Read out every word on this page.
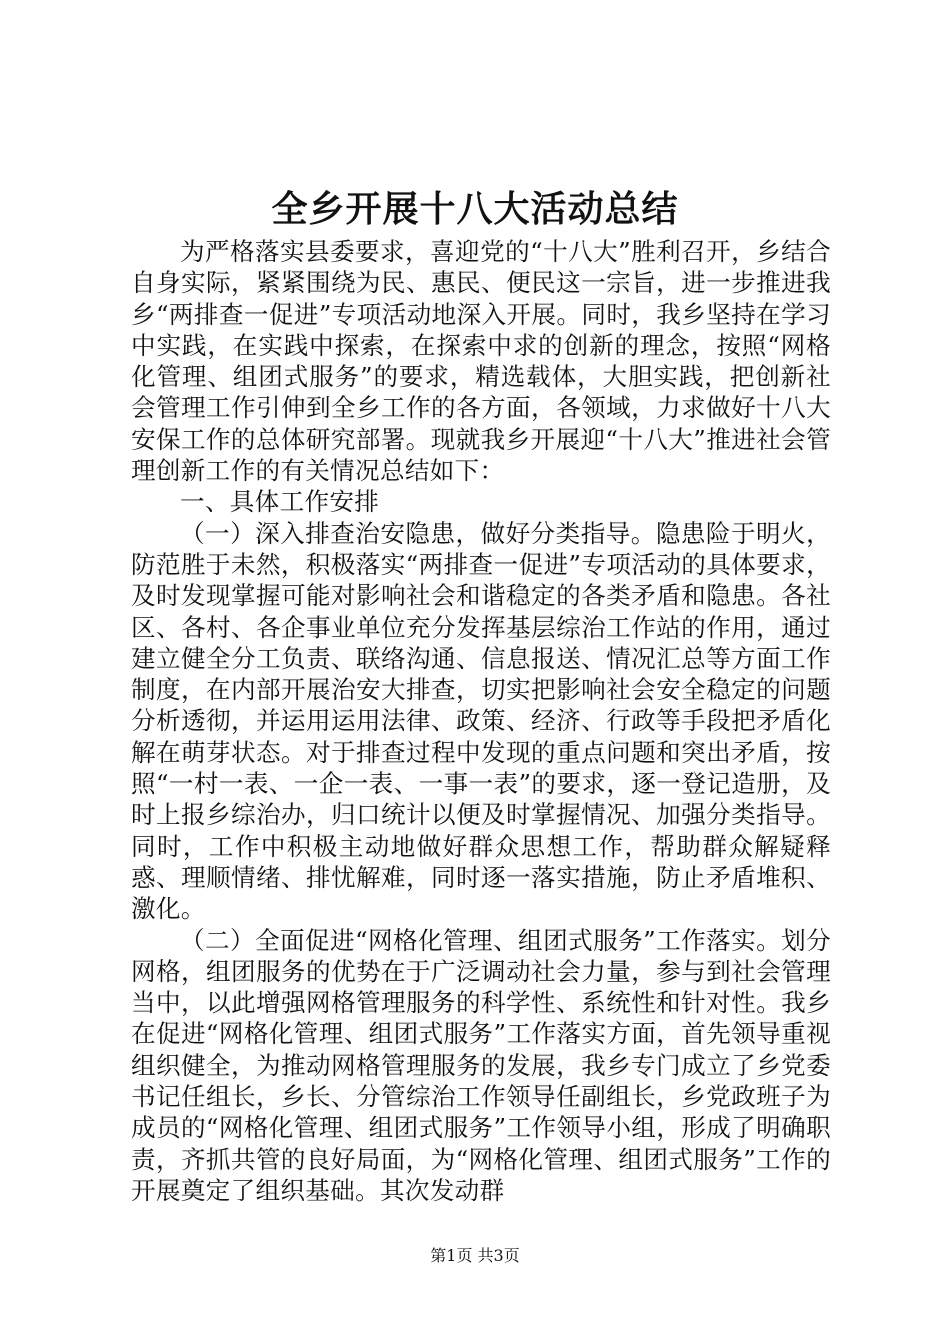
全乡开展十八大活动总结

为严格落实县委要求，喜迎党的“十八大”胜利召开，乡结合自身实际，紧紧围绕为民、惠民、便民这一宗旨，进一步推进我乡“两排查一促进”专项活动地深入开展。同时，我乡坚持在学习中实践，在实践中探索，在探索中求的创新的理念，按照“网格化管理、组团式服务”的要求，精选载体，大胆实践，把创新社会管理工作引伸到全乡工作的各方面，各领域，力求做好十八大安保工作的总体研究部署。现就我乡开展迎“十八大”推进社会管理创新工作的有关情况总结如下：

一、具体工作安排

（一）深入排查治安隐患，做好分类指导。隐患险于明火，防范胜于未然，积极落实“两排查一促进”专项活动的具体要求，及时发现掌握可能对影响社会和谐稳定的各类矛盾和隐患。各社区、各村、各企事业单位充分发挥基层综治工作站的作用，通过建立健全分工负责、联络沟通、信息报送、情况汇总等方面工作制度，在内部开展治安大排查，切实把影响社会安全稳定的问题分析透彻，并运用运用法律、政策、经济、行政等手段把矛盾化解在萌芽状态。对于排查过程中发现的重点问题和突出矛盾，按照“一村一表、一企一表、一事一表”的要求，逐一登记造册，及时上报乡综治办，归口统计以便及时掌握情况、加强分类指导。同时，工作中积极主动地做好群众思想工作，帮助群众解疑释惑、理顺情绪、排忧解难，同时逐一落实措施，防止矛盾堆积、激化。

（二）全面促进“网格化管理、组团式服务”工作落实。划分网格，组团服务的优势在于广泛调动社会力量，参与到社会管理当中，以此增强网格管理服务的科学性、系统性和针对性。我乡在促进“网格化管理、组团式服务”工作落实方面，首先领导重视组织健全，为推动网格管理服务的发展，我乡专门成立了乡党委书记任组长，乡长、分管综治工作领导任副组长，乡党政班子为成员的“网格化管理、组团式服务”工作领导小组，形成了明确职责，齐抓共管的良好局面，为“网格化管理、组团式服务”工作的开展奠定了组织基础。其次发动群

第1页 共3页
